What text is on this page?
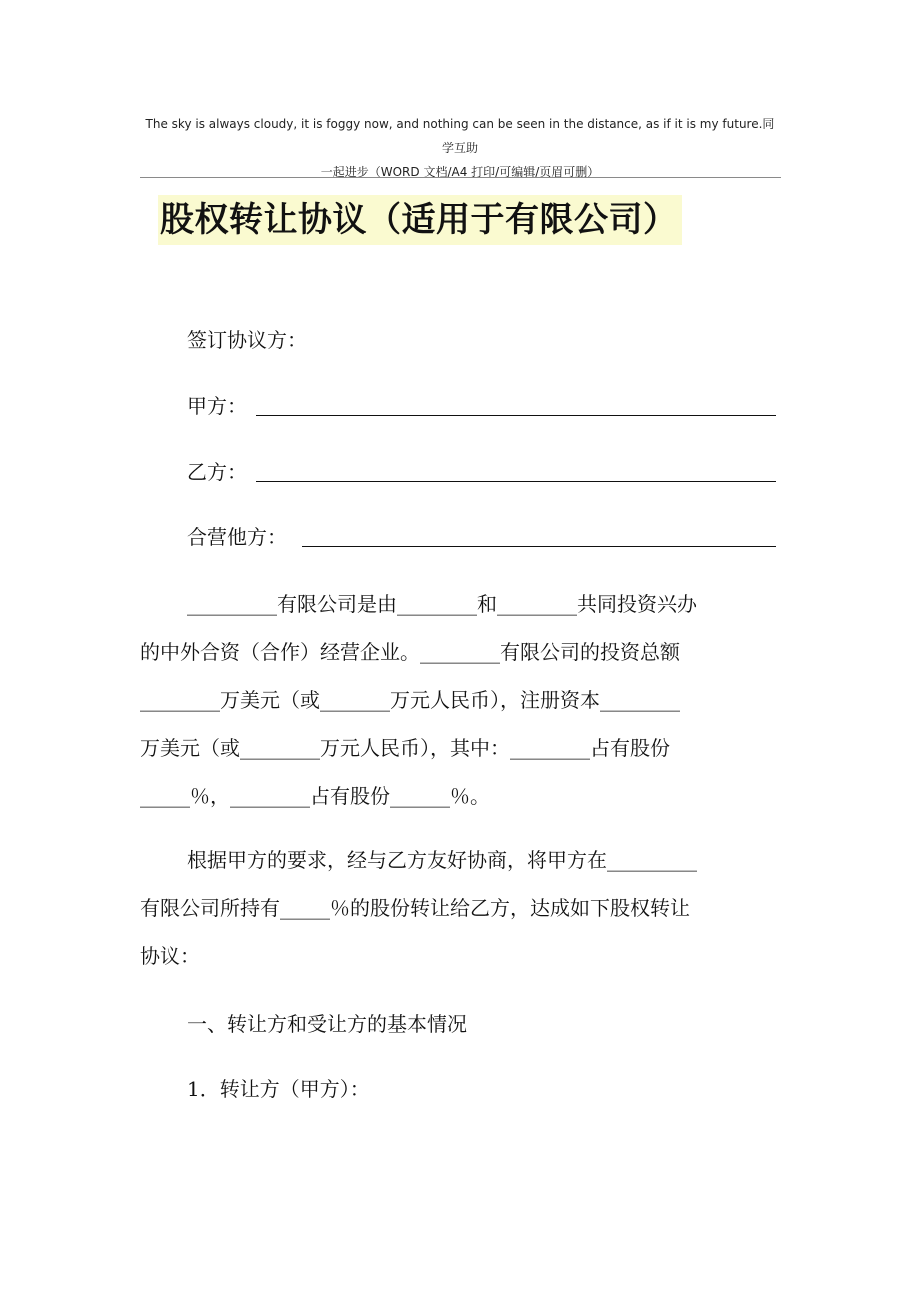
The sky is always cloudy, it is foggy now, and nothing can be seen in the distance, as if it is my future.同学互助
一起进步（WORD 文档/A4 打印/可编辑/页眉可删）
股权转让协议（适用于有限公司）
签订协议方：
甲方：
乙方：
合营他方：
_________有限公司是由________和________共同投资兴办
的中外合资（合作）经营企业。________有限公司的投资总额
________万美元（或_______万元人民币），注册资本________
万美元（或________万元人民币），其中：________占有股份
_____％，________占有股份______％。
根据甲方的要求，经与乙方友好协商，将甲方在_________
有限公司所持有_____％的股份转让给乙方，达成如下股权转让
协议：
一、转让方和受让方的基本情况
1．转让方（甲方）：
